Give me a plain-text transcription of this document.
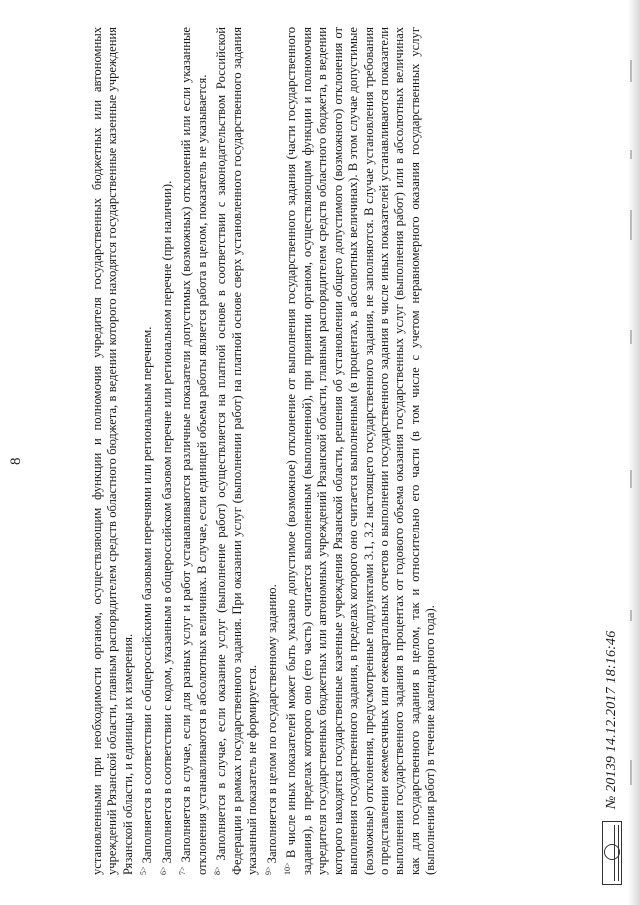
8	установленными при необходимости органом, осуществляющим функции и полномочия учредителя государственных бюджетных или автономных учреждений Рязанской области, главным распорядителем средств областного бюджета, в ведении которого находятся государственные казенные учреждения Рязанской области, и единицы их измерения. $^{5>}$ Заполняется в соответствии с общероссийскими базовыми перечнями или региональным перечнем.

$^{6>}$ Заполняется в соответствии с кодом, указанным в общероссийском базовом перечне или региональном перечне (при наличии).

$^{7>}$ Заполняется в случае, если для разных услуг и работ устанавливаются различные показатели допустимых (возможных) отклонений или если указанные отклонения устанавливаются в абсолютных величинах. В случае, если единицей объема работы является работа в целом, показатель не указывается. $^{8>}$ Заполняется в случае, если оказание услуг (выполнение работ) осуществляется на платной основе в соответствии с законодательством Российской Федерации в рамках государственного задания. При оказании услуг (выполнении работ) на платной основе сверх установленного государственного задания указанный показатель не формируется. $^{9>}$ Заполняется в целом по государственному заданию.

$^{10>}$ В числе иных показателей может быть указано допустимое (возможное) отклонение от выполнения государственного задания (части государственного задания), в пределах которого оно (его часть) считается выполненным (выполненной), при принятии органом, осуществляющим функции и полномочия учредителя государственных бюджетных или автономных учреждений Рязанской области, главным распорядителем средств областного бюджета, в ведении которого находятся государственные казенные учреждения Рязанской области, решения об установлении общего допустимого (возможного) отклонения от выполнения государственного задания, в пределах которого оно считается выполненным (в процентах, в абсолютных величинах). В этом случае допустимые (возможные) отклонения, предусмотренные подпунктами 3.1, 3.2 настоящего государственного задания, не заполняются. В случае установления требования о представлении ежемесячных или ежеквартальных отчетов о выполнении государственного задания в числе иных показателей устанавливаются показатели выполнения государственного задания в процентах от годового объема оказания государственных услуг (выполнения работ) или в абсолютных величинах как для государственного задания в целом, так и относительно его части (в том числе с учетом неравномерного оказания государственных услуг (выполнения работ) в течение календарного года).	№ 20139 14.12.2017 18:16:46
